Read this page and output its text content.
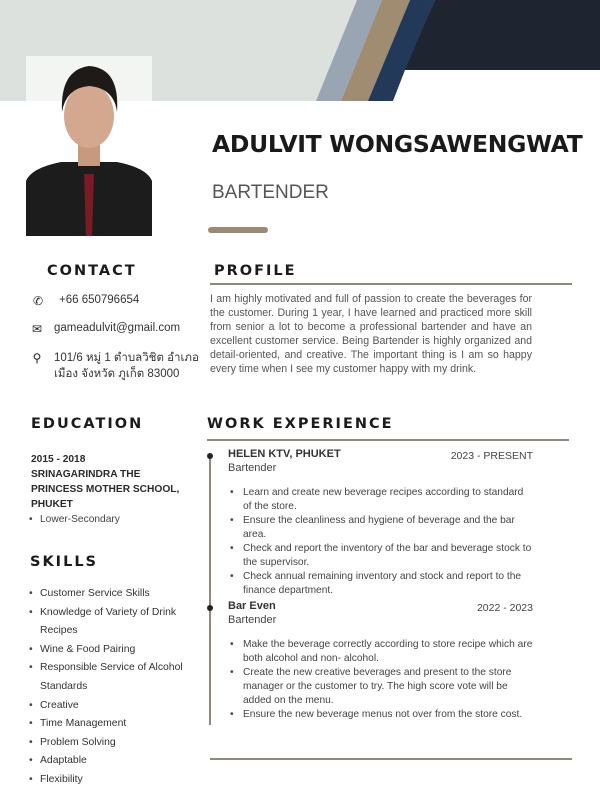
ADULVIT WONGSAWENGWAT
BARTENDER
CONTACT
✆ +66 650796654
✉ gameadulvit@gmail.com
⚲ 101/6 หมู่ 1 ตำบลวิชิต อำเภอ
เมือง จังหวัด ภูเก็ต 83000
PROFILE
I am highly motivated and full of passion to create the beverages for the customer. During 1 year, I have learned and practiced more skill from senior a lot to become a professional bartender and have an excellent customer service. Being Bartender is highly organized and detail-oriented, and creative. The important thing is I am so happy every time when I see my customer happy with my drink.
EDUCATION
2015 - 2018
SRINAGARINDRA THE
PRINCESS MOTHER SCHOOL,
PHUKET
• Lower-Secondary
SKILLS
• Customer Service Skills
• Knowledge of Variety of Drink Recipes
• Wine & Food Pairing
• Responsible Service of Alcohol Standards
• Creative
• Time Management
• Problem Solving
• Adaptable
• Flexibility
WORK EXPERIENCE
HELEN KTV, PHUKET	2023 - PRESENT
Bartender
• Learn and create new beverage recipes according to standard of the store.
• Ensure the cleanliness and hygiene of beverage and the bar area.
• Check and report the inventory of the bar and beverage stock to the supervisor.
• Check annual remaining inventory and stock and report to the finance department.
Bar Even	2022 - 2023
Bartender
• Make the beverage correctly according to store recipe which are both alcohol and non- alcohol.
• Create the new creative beverages and present to the store manager or the customer to try. The high score vote will be added on the menu.
• Ensure the new beverage menus not over from the store cost.
